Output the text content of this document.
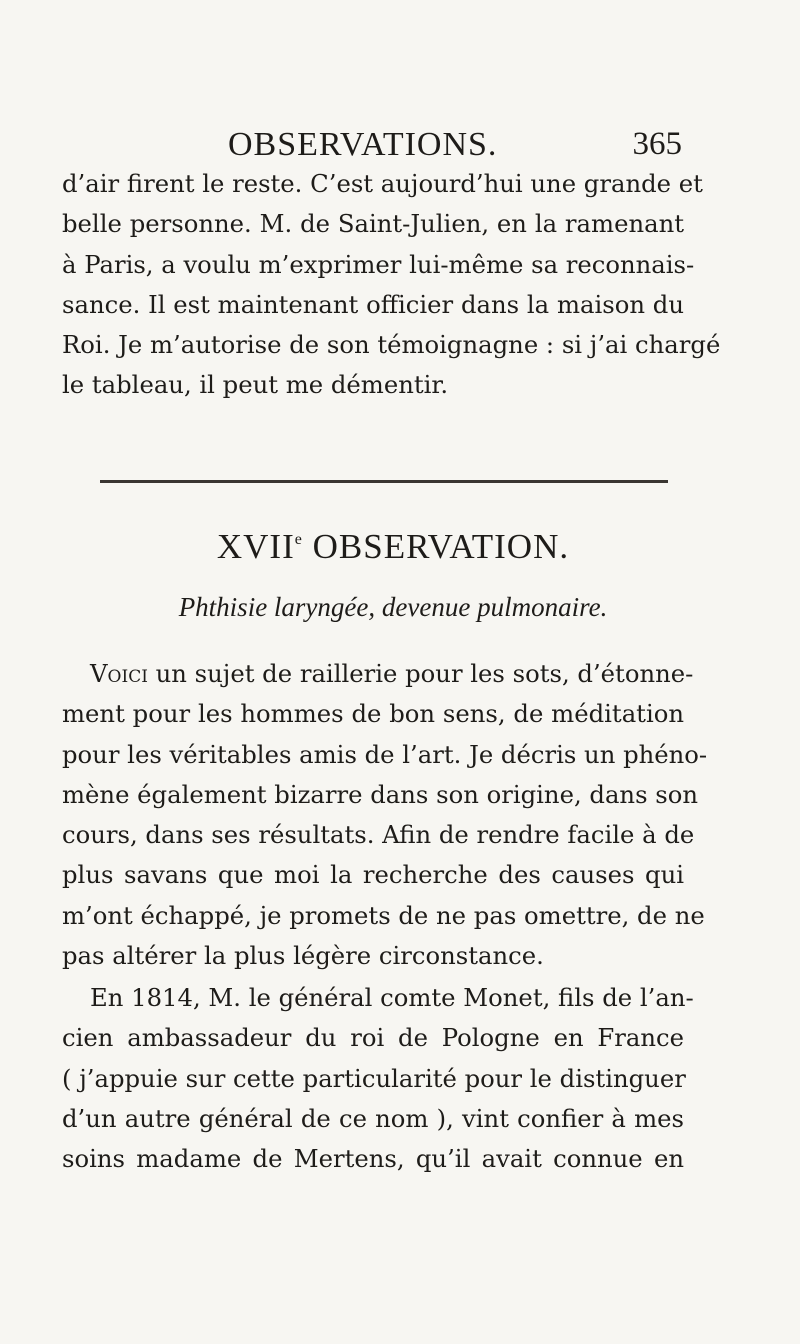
OBSERVATIONS.	365
d’air firent le reste. C’est aujourd’hui une grande et
belle personne. M. de Saint-Julien, en la ramenant
à Paris, a voulu m’exprimer lui-même sa reconnais-
sance. Il est maintenant officier dans la maison du
Roi. Je m’autorise de son témoignagne : si j’ai chargé
le tableau, il peut me démentir.
XVIIe OBSERVATION.
Phthisie laryngée, devenue pulmonaire.
Voici un sujet de raillerie pour les sots, d’étonne-
ment pour les hommes de bon sens, de méditation
pour les véritables amis de l’art. Je décris un phéno-
mène également bizarre dans son origine, dans son
cours, dans ses résultats. Afin de rendre facile à de
plus savans que moi la recherche des causes qui
m’ont échappé, je promets de ne pas omettre, de ne
pas altérer la plus légère circonstance.
En 1814, M. le général comte Monet, fils de l’an-
cien ambassadeur du roi de Pologne en France
( j’appuie sur cette particularité pour le distinguer
d’un autre général de ce nom ), vint confier à mes
soins madame de Mertens, qu’il avait connue en
